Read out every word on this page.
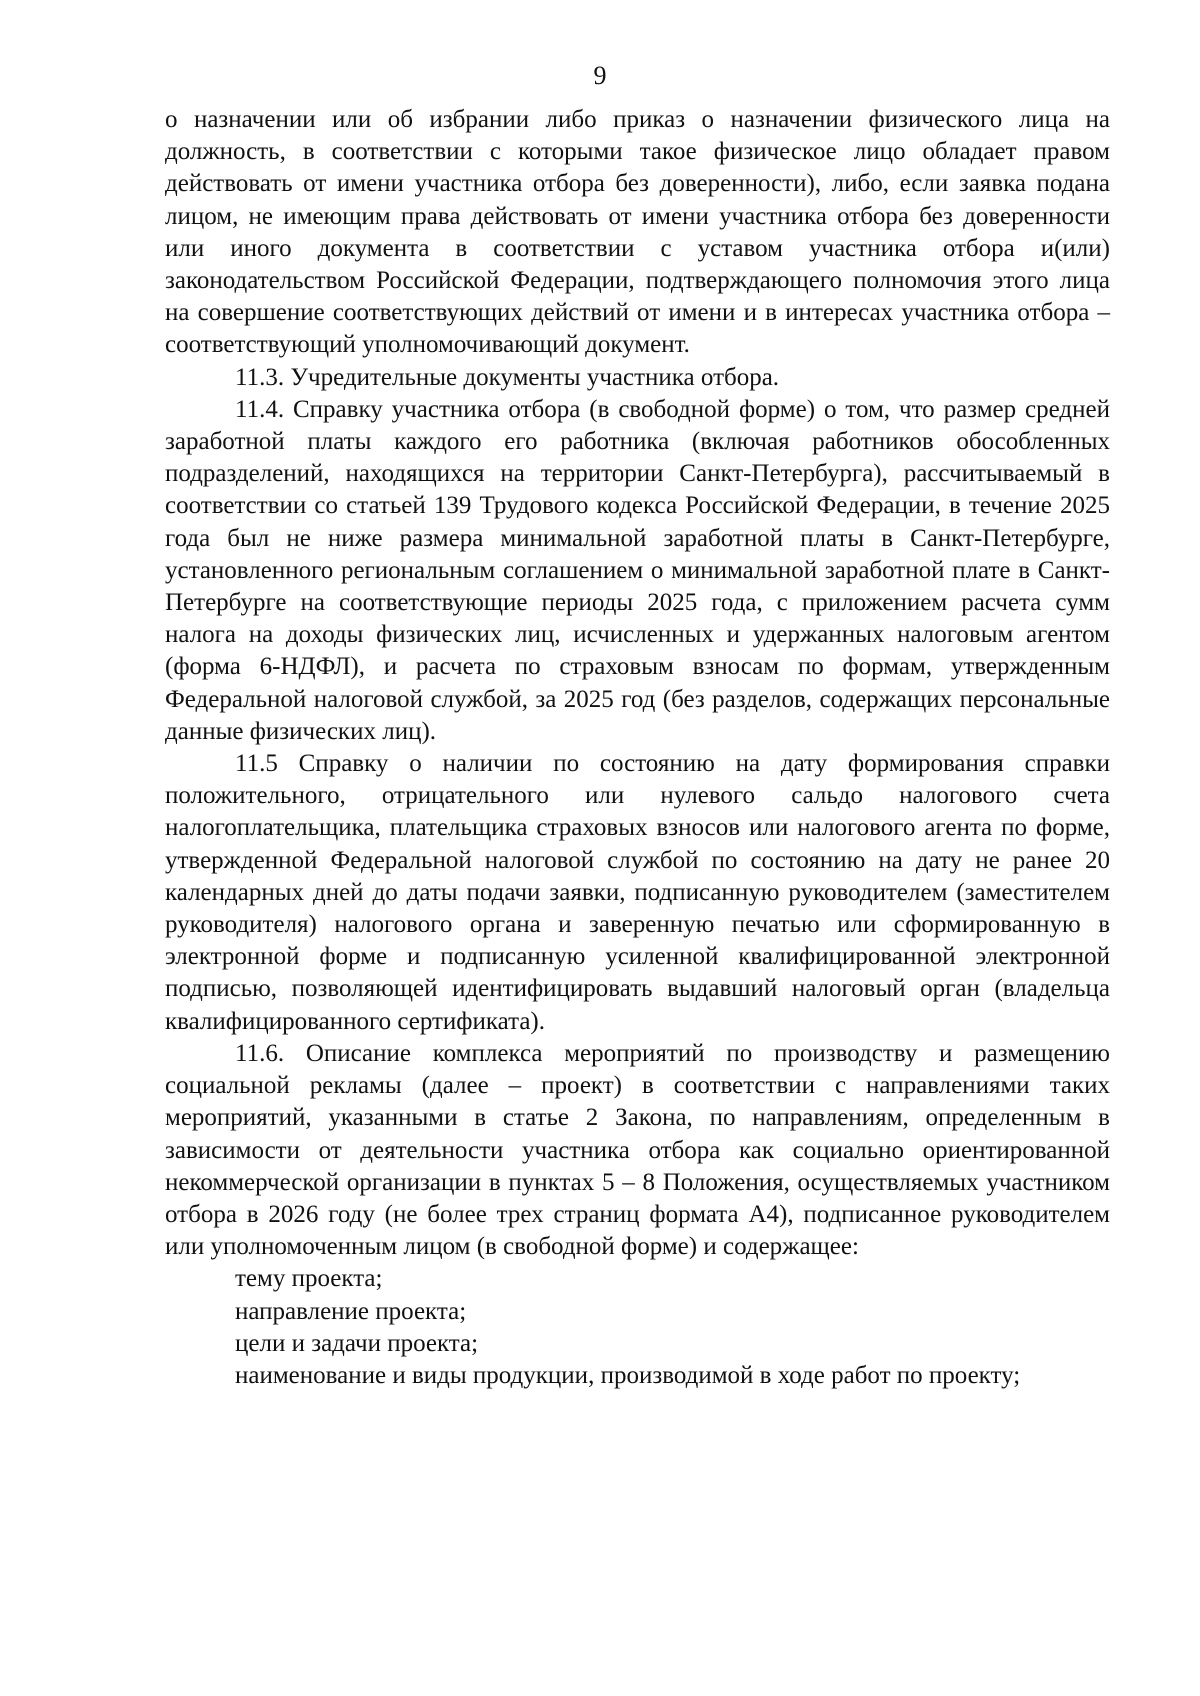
9

о назначении или об избрании либо приказ о назначении физического лица на должность, в соответствии с которыми такое физическое лицо обладает правом действовать от имени участника отбора без доверенности), либо, если заявка подана лицом, не имеющим права действовать от имени участника отбора без доверенности или иного документа в соответствии с уставом участника отбора и(или) законодательством Российской Федерации, подтверждающего полномочия этого лица на совершение соответствующих действий от имени и в интересах участника отбора – соответствующий уполномочивающий документ.

11.3. Учредительные документы участника отбора.

11.4. Справку участника отбора (в свободной форме) о том, что размер средней заработной платы каждого его работника (включая работников обособленных подразделений, находящихся на территории Санкт-Петербурга), рассчитываемый в соответствии со статьей 139 Трудового кодекса Российской Федерации, в течение 2025 года был не ниже размера минимальной заработной платы в Санкт-Петербурге, установленного региональным соглашением о минимальной заработной плате в Санкт-Петербурге на соответствующие периоды 2025 года, с приложением расчета сумм налога на доходы физических лиц, исчисленных и удержанных налоговым агентом (форма 6-НДФЛ), и расчета по страховым взносам по формам, утвержденным Федеральной налоговой службой, за 2025 год (без разделов, содержащих персональные данные физических лиц).

11.5 Справку о наличии по состоянию на дату формирования справки положительного, отрицательного или нулевого сальдо налогового счета налогоплательщика, плательщика страховых взносов или налогового агента по форме, утвержденной Федеральной налоговой службой по состоянию на дату не ранее 20 календарных дней до даты подачи заявки, подписанную руководителем (заместителем руководителя) налогового органа и заверенную печатью или сформированную в электронной форме и подписанную усиленной квалифицированной электронной подписью, позволяющей идентифицировать выдавший налоговый орган (владельца квалифицированного сертификата).

11.6. Описание комплекса мероприятий по производству и размещению социальной рекламы (далее – проект) в соответствии с направлениями таких мероприятий, указанными в статье 2 Закона, по направлениям, определенным в зависимости от деятельности участника отбора как социально ориентированной некоммерческой организации в пунктах 5 – 8 Положения, осуществляемых участником отбора в 2026 году (не более трех страниц формата А4), подписанное руководителем или уполномоченным лицом (в свободной форме) и содержащее:

тему проекта;

направление проекта;

цели и задачи проекта;

наименование и виды продукции, производимой в ходе работ по проекту;
